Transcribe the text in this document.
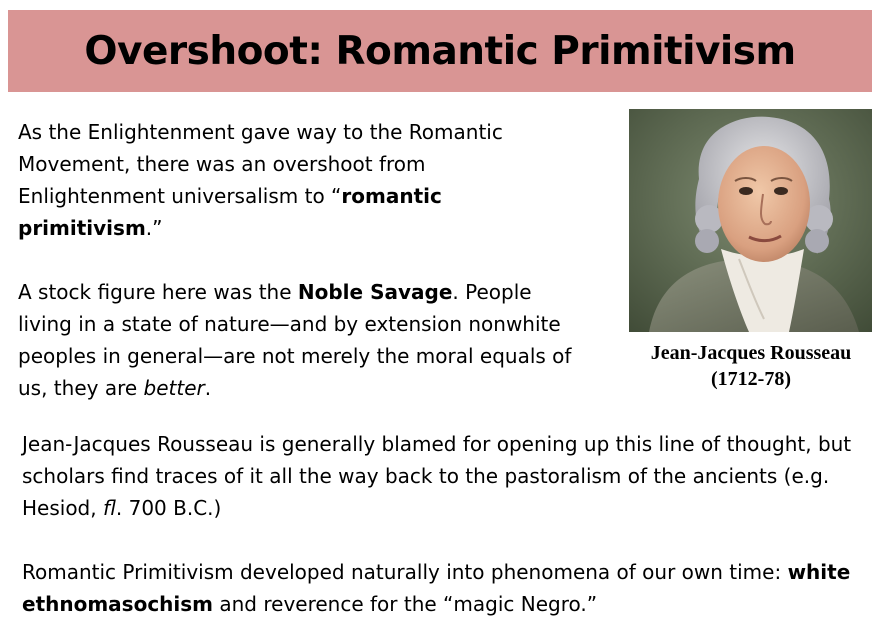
Overshoot: Romantic Primitivism
As the Enlightenment gave way to the Romantic Movement, there was an overshoot from Enlightenment universalism to “romantic primitivism.”
A stock figure here was the Noble Savage. People living in a state of nature—and by extension nonwhite peoples in general—are not merely the moral equals of us, they are better.
Jean-Jacques Rousseau
(1712-78)
Jean-Jacques Rousseau is generally blamed for opening up this line of thought, but scholars find traces of it all the way back to the pastoralism of the ancients (e.g. Hesiod, fl. 700 B.C.)
Romantic Primitivism developed naturally into phenomena of our own time: white ethnomasochism and reverence for the “magic Negro.”
